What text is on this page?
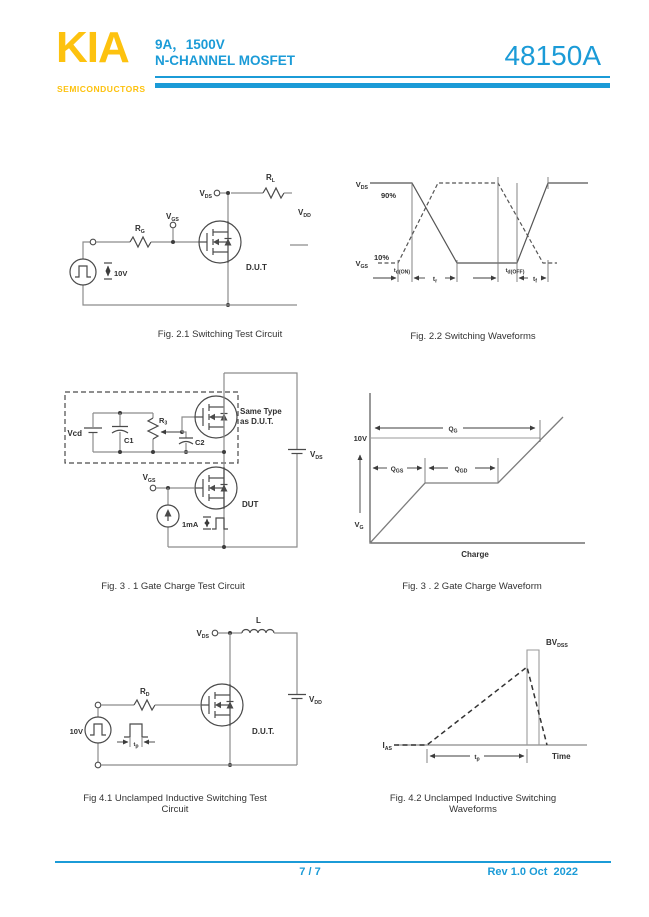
KIA
SEMICONDUCTORS
9A，1500V
N-CHANNEL MOSFET	48150A
10V
$R_G$
$V_{GS}$
$V_{DS}$
$R_L$
$V_{DD}$
D.U.T
Fig. 2.1 Switching Test Circuit
$V_{DS}$
$V_{GS}$
90%
10%
td(ON)
$t_r$
td(OFF)
$t_f$
Fig. 2.2 Switching Waveforms
Vcd
C1
$R_3$
C2
Same Type
as D.U.T.
$V_{DS}$
$V_{GS}$
1mA
DUT
Fig. 3 . 1 Gate Charge Test Circuit
10V
$Q_G$
$Q_{GS}$	$Q_{GD}$
$V_G$
Charge
Fig. 3 . 2 Gate Charge Waveform
$V_{DS}$
L
$V_{DD}$
$R_D$
10V
tp
D.U.T.
Fig 4.1 Unclamped Inductive Switching Test Circuit
$I_{AS}$
$BV_{DSS}$
$t_p$	Time
Fig. 4.2 Unclamped Inductive Switching Waveforms
7 / 7	Rev 1.0 Oct  2022
